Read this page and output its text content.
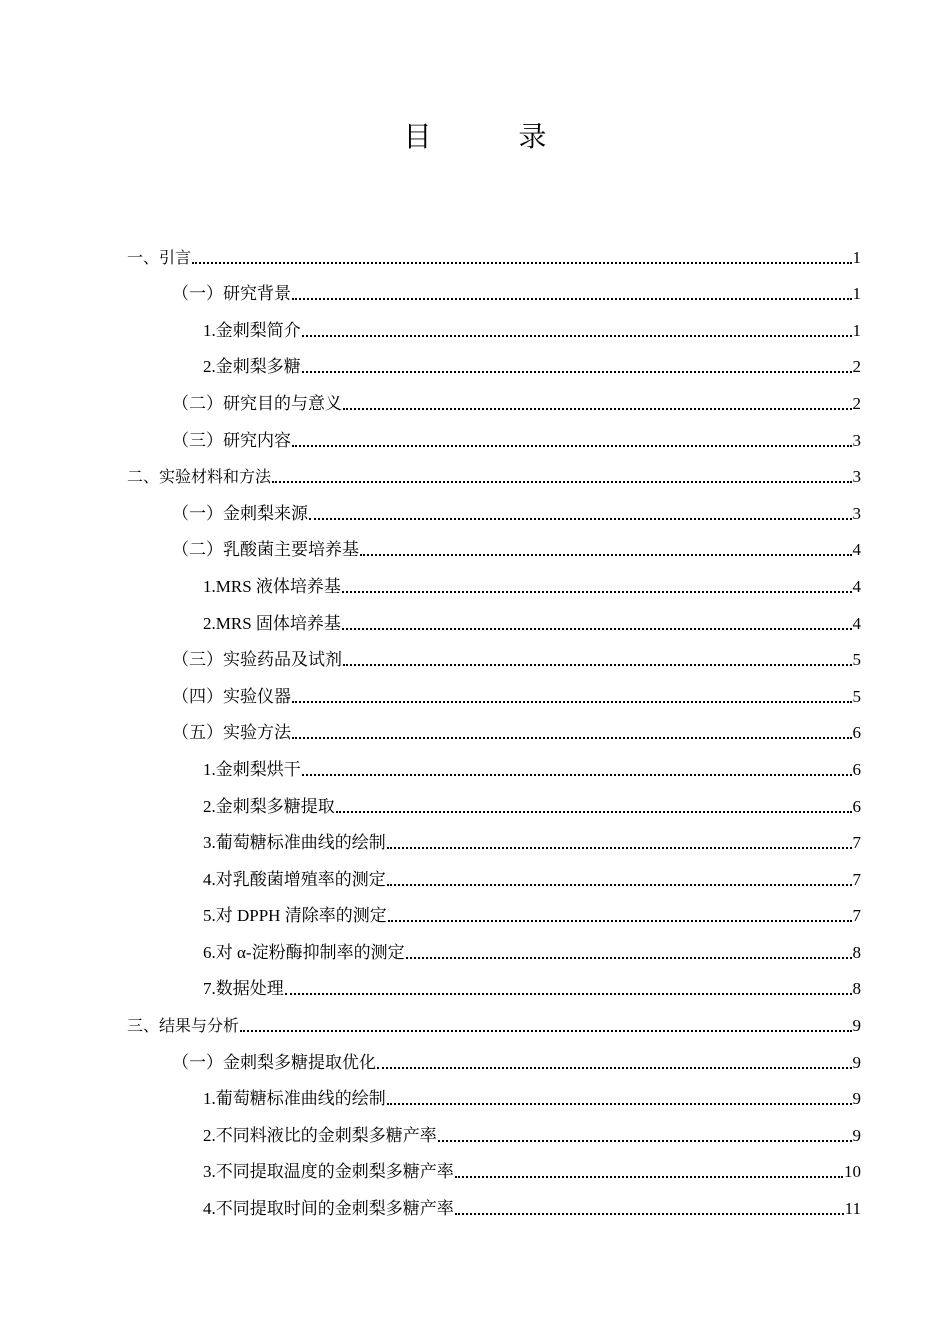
目 录
一、引言	1
（一）研究背景	1
1.金刺梨简介	1
2.金刺梨多糖	2
（二）研究目的与意义	2
（三）研究内容	3
二、实验材料和方法	3
（一）金刺梨来源	3
（二）乳酸菌主要培养基	4
1.MRS 液体培养基	4
2.MRS 固体培养基	4
（三）实验药品及试剂	5
（四）实验仪器	5
（五）实验方法	6
1.金刺梨烘干	6
2.金刺梨多糖提取	6
3.葡萄糖标准曲线的绘制	7
4.对乳酸菌增殖率的测定	7
5.对 DPPH 清除率的测定	7
6.对 α-淀粉酶抑制率的测定	8
7.数据处理	8
三、结果与分析	9
（一）金刺梨多糖提取优化	9
1.葡萄糖标准曲线的绘制	9
2.不同料液比的金刺梨多糖产率	9
3.不同提取温度的金刺梨多糖产率	10
4.不同提取时间的金刺梨多糖产率	11
